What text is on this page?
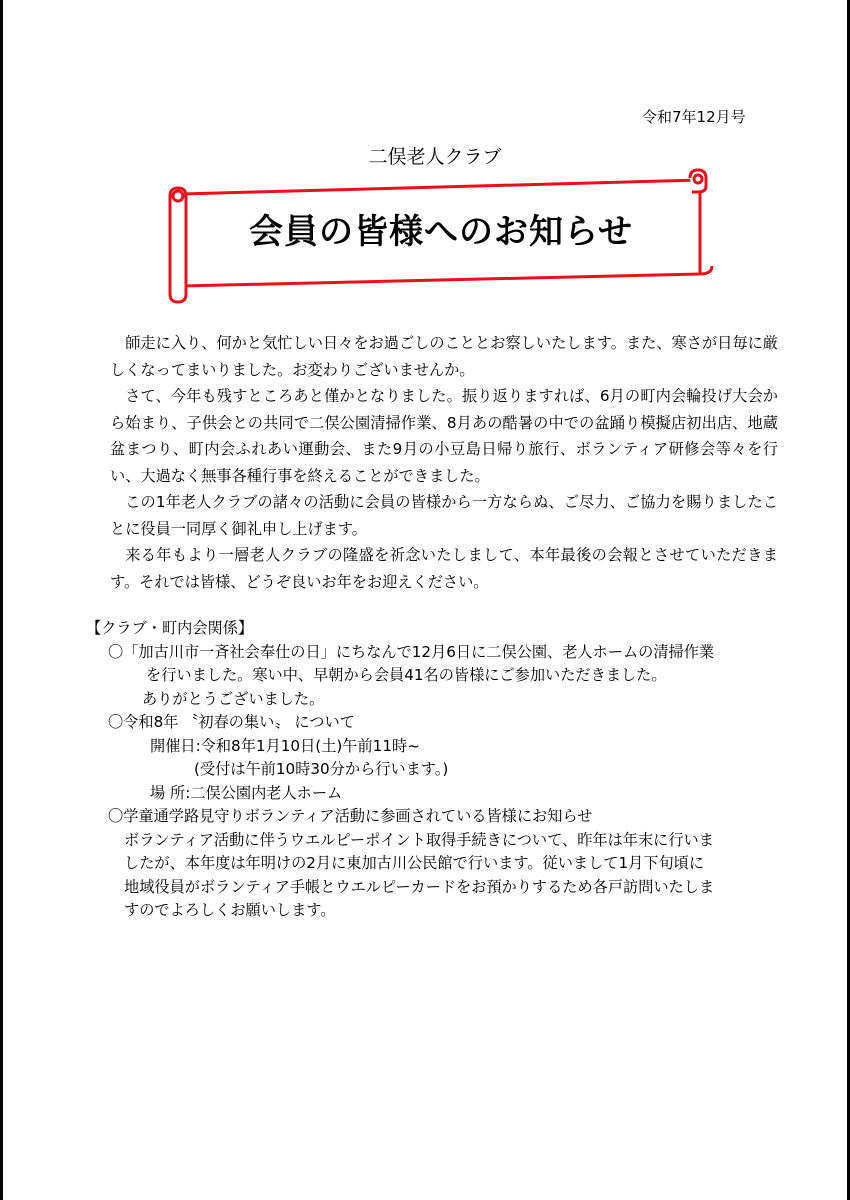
令和7年12月号
二俣老人クラブ
会員の皆様へのお知らせ

師走に入り、何かと気忙しい日々をお過ごしのこととお察しいたします。また、寒さが日毎に厳しくなってまいりました。お変わりございませんか。

さて、今年も残すところあと僅かとなりました。振り返りますれば、6月の町内会輪投げ大会から始まり、子供会との共同で二俣公園清掃作業、8月あの酷暑の中での盆踊り模擬店初出店、地蔵盆まつり、町内会ふれあい運動会、また9月の小豆島日帰り旅行、ボランティア研修会等々を行い、大過なく無事各種行事を終えることができました。

この1年老人クラブの諸々の活動に会員の皆様から一方ならぬ、ご尽力、ご協力を賜りましたことに役員一同厚く御礼申し上げます。

来る年もより一層老人クラブの隆盛を祈念いたしまして、本年最後の会報とさせていただきます。それでは皆様、どうぞ良いお年をお迎えください。

【クラブ・町内会関係】

〇「加古川市一斉社会奉仕の日」にちなんで12月6日に二俣公園、老人ホームの清掃作業
を行いました。寒い中、早朝から会員41名の皆様にご参加いただきました。
ありがとうございました。
〇令和8年 〝初春の集い〟 について
開催日:令和8年1月10日(土)午前11時~
(受付は午前10時30分から行います。)
場 所:二俣公園内老人ホーム
〇学童通学路見守りボランティア活動に参画されている皆様にお知らせ
ボランティア活動に伴うウエルピーポイント取得手続きについて、昨年は年末に行いま
したが、本年度は年明けの2月に東加古川公民館で行います。従いまして1月下旬頃に
地域役員がボランティア手帳とウエルピーカードをお預かりするため各戸訪問いたしま
すのでよろしくお願いします。
